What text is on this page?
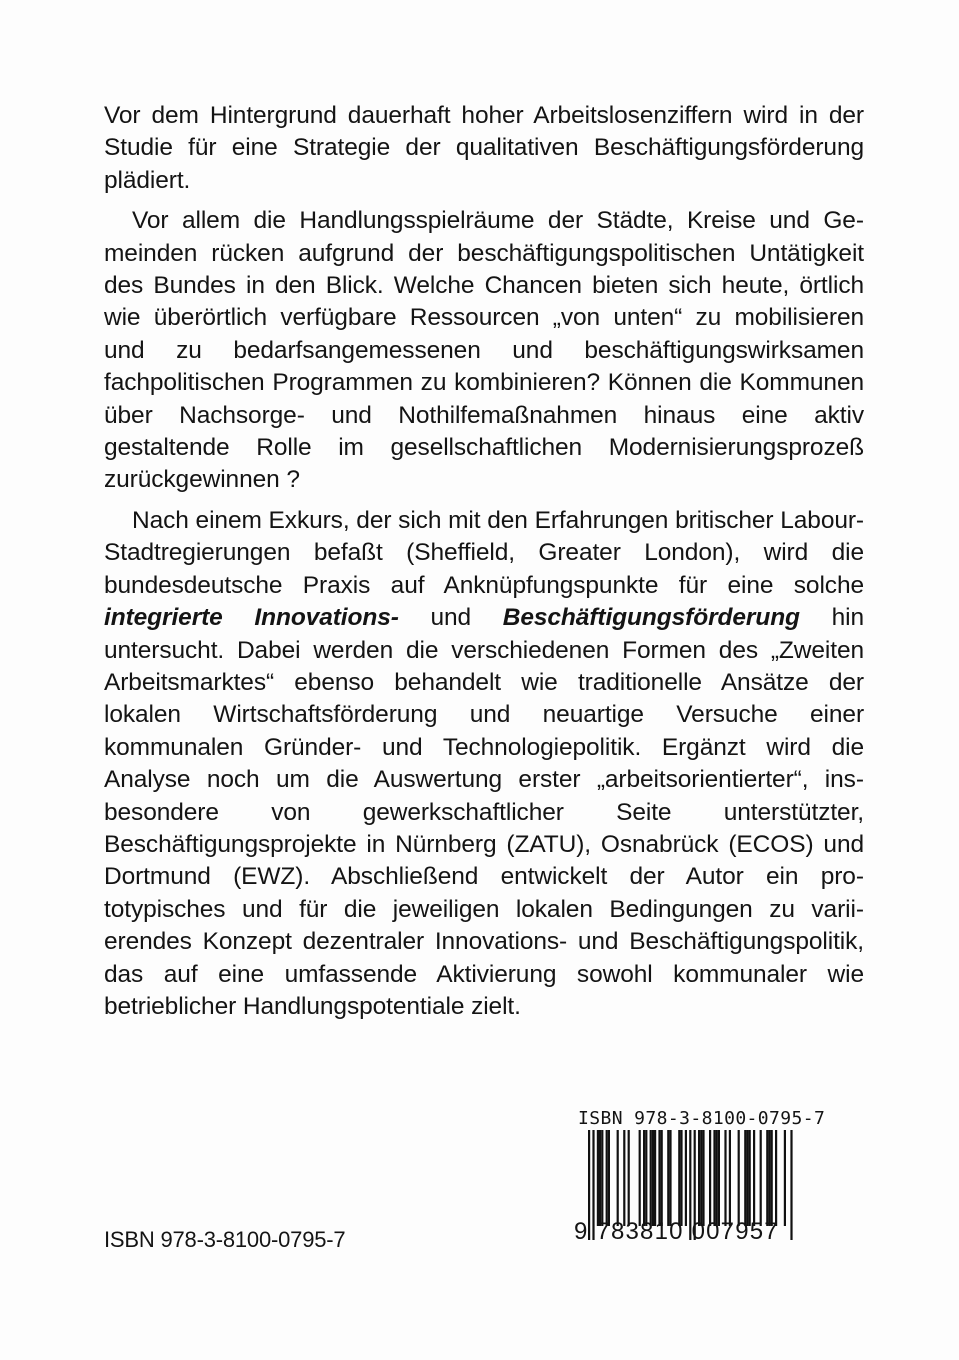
Vor dem Hintergrund dauerhaft hoher Arbeitslosenziffern wird in der Studie für eine Strategie der qualitativen Beschäftigungsförderung plädiert.

Vor allem die Handlungsspielräume der Städte, Kreise und Gemeinden rücken aufgrund der beschäftigungspolitischen Untätigkeit des Bundes in den Blick. Welche Chancen bieten sich heute, örtlich wie überörtlich verfügbare Ressourcen „von unten“ zu mobilisieren und zu bedarfsangemessenen und beschäftigungswirksamen fachpolitischen Programmen zu kombinieren? Können die Kommunen über Nachsorge- und Nothilfemaßnahmen hinaus eine aktiv gestaltende Rolle im gesellschaftlichen Modernisierungsprozeß zurückgewinnen ?

Nach einem Exkurs, der sich mit den Erfahrungen britischer Labour-Stadtregierungen befaßt (Sheffield, Greater London), wird die bundesdeutsche Praxis auf Anknüpfungspunkte für eine solche integrierte Innovations- und Beschäftigungsförderung hin untersucht. Dabei werden die verschiedenen Formen des „Zweiten Arbeitsmarktes“ ebenso behandelt wie traditionelle Ansätze der lokalen Wirtschaftsförderung und neuartige Versuche einer kommunalen Gründer- und Technologiepolitik. Ergänzt wird die Analyse noch um die Auswertung erster „arbeitsorientierter“, insbesondere von gewerkschaftlicher Seite unterstützter, Beschäftigungsprojekte in Nürnberg (ZATU), Osnabrück (ECOS) und Dortmund (EWZ). Abschließend entwickelt der Autor ein prototypisches und für die jeweiligen lokalen Bedingungen zu variierendes Konzept dezentraler Innovations- und Beschäftigungspolitik, das auf eine umfassende Aktivierung sowohl kommunaler wie betrieblicher Handlungspotentiale zielt.

ISBN 978-3-8100-0795-7
9 783810 007957
ISBN 978-3-8100-0795-7
